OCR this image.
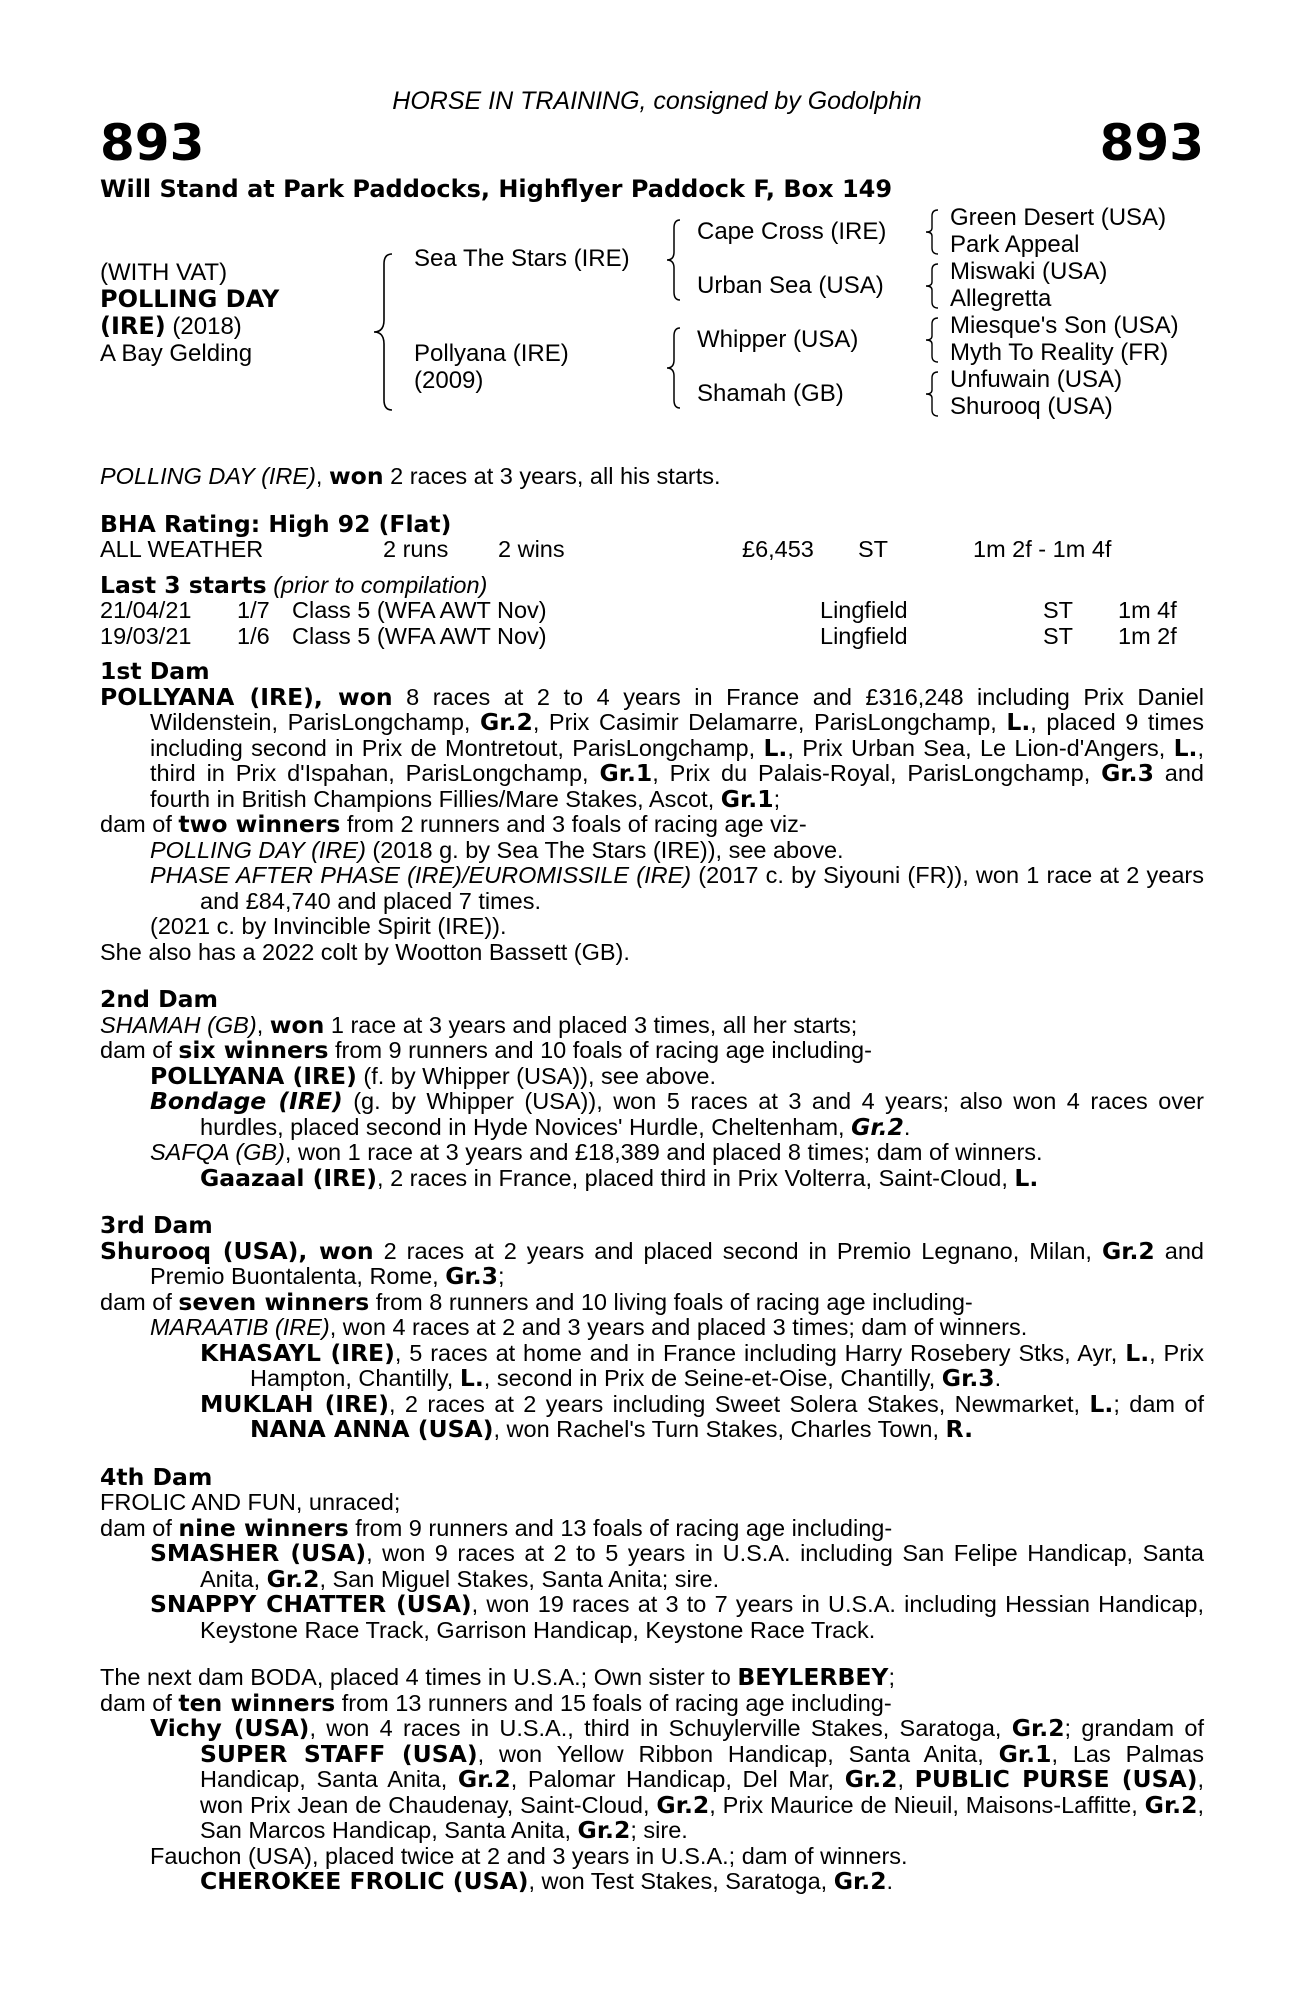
HORSE IN TRAINING, consigned by Godolphin
893	893
Will Stand at Park Paddocks, Highflyer Paddock F, Box 149
(WITH VAT)
POLLING DAY
(IRE) (2018)
A Bay Gelding
Sea The Stars (IRE)
Pollyana (IRE)
(2009)
Cape Cross (IRE)
Urban Sea (USA)
Whipper (USA)
Shamah (GB)
Green Desert (USA)
Park Appeal
Miswaki (USA)
Allegretta
Miesque's Son (USA)
Myth To Reality (FR)
Unfuwain (USA)
Shurooq (USA)

POLLING DAY (IRE), won 2 races at 3 years, all his starts.

BHA Rating: High 92 (Flat)

ALL WEATHER	2 runs 2 wins	£6,453 ST	1m 2f - 1m 4f

Last 3 starts (prior to compilation)

21/04/21 1/7 Class 5 (WFA AWT Nov)	Lingfield	ST 1m 4f
19/03/21 1/6 Class 5 (WFA AWT Nov)	Lingfield	ST 1m 2f

1st Dam

POLLYANA (IRE), won 8 races at 2 to 4 years in France and £316,248 including Prix Daniel Wildenstein, ParisLongchamp, Gr.2, Prix Casimir Delamarre, ParisLongchamp, L., placed 9 times including second in Prix de Montretout, ParisLongchamp, L., Prix Urban Sea, Le Lion-d'Angers, L., third in Prix d'Ispahan, ParisLongchamp, Gr.1, Prix du Palais-Royal, ParisLongchamp, Gr.3 and fourth in British Champions Fillies/Mare Stakes, Ascot, Gr.1;

dam of two winners from 2 runners and 3 foals of racing age viz-

POLLING DAY (IRE) (2018 g. by Sea The Stars (IRE)), see above.

PHASE AFTER PHASE (IRE)/EUROMISSILE (IRE) (2017 c. by Siyouni (FR)), won 1 race at 2 years and £84,740 and placed 7 times.

(2021 c. by Invincible Spirit (IRE)).

She also has a 2022 colt by Wootton Bassett (GB).

2nd Dam

SHAMAH (GB), won 1 race at 3 years and placed 3 times, all her starts;

dam of six winners from 9 runners and 10 foals of racing age including-

POLLYANA (IRE) (f. by Whipper (USA)), see above.

Bondage (IRE) (g. by Whipper (USA)), won 5 races at 3 and 4 years; also won 4 races over hurdles, placed second in Hyde Novices' Hurdle, Cheltenham, Gr.2.

SAFQA (GB), won 1 race at 3 years and £18,389 and placed 8 times; dam of winners.

Gaazaal (IRE), 2 races in France, placed third in Prix Volterra, Saint-Cloud, L.

3rd Dam

Shurooq (USA), won 2 races at 2 years and placed second in Premio Legnano, Milan, Gr.2 and Premio Buontalenta, Rome, Gr.3;

dam of seven winners from 8 runners and 10 living foals of racing age including-

MARAATIB (IRE), won 4 races at 2 and 3 years and placed 3 times; dam of winners.

KHASAYL (IRE), 5 races at home and in France including Harry Rosebery Stks, Ayr, L., Prix Hampton, Chantilly, L., second in Prix de Seine-et-Oise, Chantilly, Gr.3.

MUKLAH (IRE), 2 races at 2 years including Sweet Solera Stakes, Newmarket, L.; dam of NANA ANNA (USA), won Rachel's Turn Stakes, Charles Town, R.

4th Dam

FROLIC AND FUN, unraced;

dam of nine winners from 9 runners and 13 foals of racing age including-

SMASHER (USA), won 9 races at 2 to 5 years in U.S.A. including San Felipe Handicap, Santa Anita, Gr.2, San Miguel Stakes, Santa Anita; sire.

SNAPPY CHATTER (USA), won 19 races at 3 to 7 years in U.S.A. including Hessian Handicap, Keystone Race Track, Garrison Handicap, Keystone Race Track.

The next dam BODA, placed 4 times in U.S.A.; Own sister to BEYLERBEY;

dam of ten winners from 13 runners and 15 foals of racing age including-

Vichy (USA), won 4 races in U.S.A., third in Schuylerville Stakes, Saratoga, Gr.2; grandam of SUPER STAFF (USA), won Yellow Ribbon Handicap, Santa Anita, Gr.1, Las Palmas Handicap, Santa Anita, Gr.2, Palomar Handicap, Del Mar, Gr.2, PUBLIC PURSE (USA), won Prix Jean de Chaudenay, Saint-Cloud, Gr.2, Prix Maurice de Nieuil, Maisons-Laffitte, Gr.2, San Marcos Handicap, Santa Anita, Gr.2; sire.

Fauchon (USA), placed twice at 2 and 3 years in U.S.A.; dam of winners.

CHEROKEE FROLIC (USA), won Test Stakes, Saratoga, Gr.2.
